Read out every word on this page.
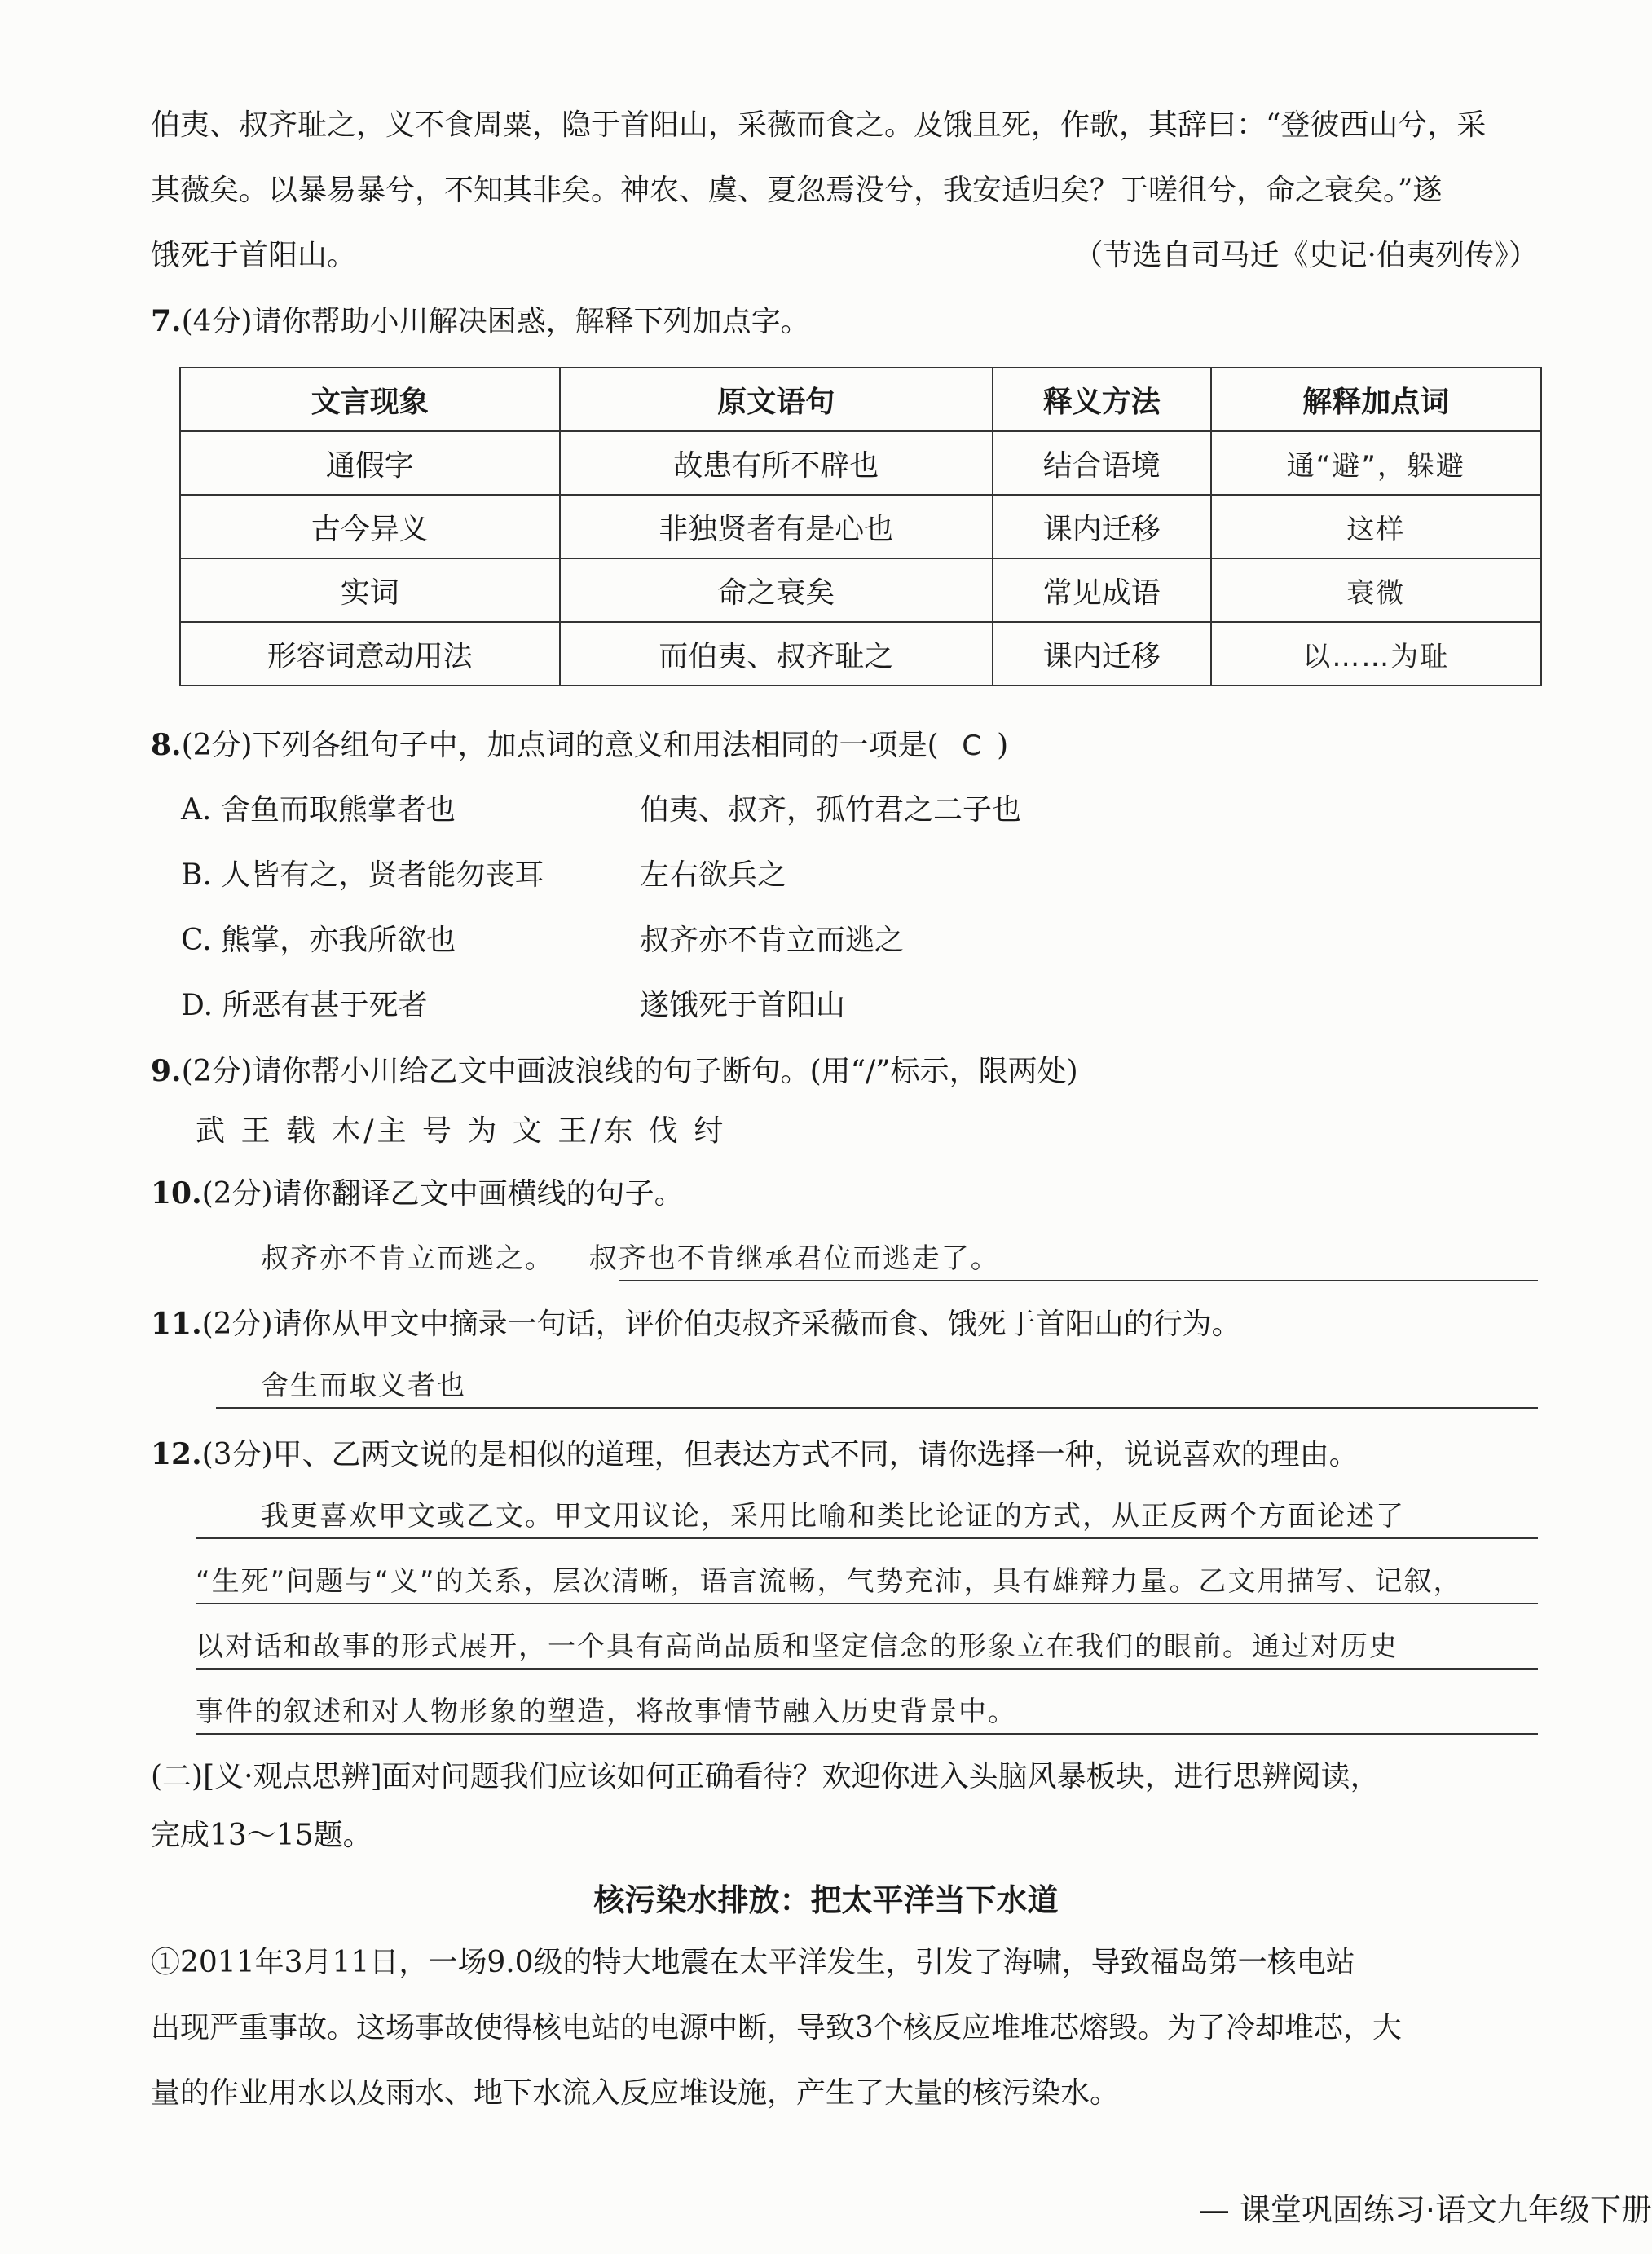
伯夷、叔齐耻之，义不食周粟，隐于首阳山，采薇而食之。及饿且死，作歌，其辞曰：“登彼西山兮，采
其薇矣。以暴易暴兮，不知其非矣。神农、虞、夏忽焉没兮，我安适归矣？于嗟徂兮，命之衰矣。”遂
饿死于首阳山。	（节选自司马迁《史记·伯夷列传》）
7.(4分)请你帮助小川解决困惑，解释下列加点字。
文言现象	原文语句	释义方法	解释加点词
通假字	故患有所不辟也	结合语境	通“避”，躲避
古今异义	非独贤者有是心也	课内迁移	这样
实词	命之衰矣	常见成语	衰微
形容词意动用法	而伯夷、叔齐耻之	课内迁移	以……为耻
8.(2分)下列各组句子中，加点词的意义和用法相同的一项是( C )
A. 舍鱼而取熊掌者也	伯夷、叔齐，孤竹君之二子也
B. 人皆有之，贤者能勿丧耳	左右欲兵之
C. 熊掌，亦我所欲也	叔齐亦不肯立而逃之
D. 所恶有甚于死者	遂饿死于首阳山
9.(2分)请你帮小川给乙文中画波浪线的句子断句。(用“/”标示，限两处)
武 王 载 木/主 号 为 文 王/东 伐 纣
10.(2分)请你翻译乙文中画横线的句子。
叔齐亦不肯立而逃之。 叔齐也不肯继承君位而逃走了。
11.(2分)请你从甲文中摘录一句话，评价伯夷叔齐采薇而食、饿死于首阳山的行为。
舍生而取义者也
12.(3分)甲、乙两文说的是相似的道理，但表达方式不同，请你选择一种，说说喜欢的理由。
我更喜欢甲文或乙文。甲文用议论，采用比喻和类比论证的方式，从正反两个方面论述了
“生死”问题与“义”的关系，层次清晰，语言流畅，气势充沛，具有雄辩力量。乙文用描写、记叙，
以对话和故事的形式展开，一个具有高尚品质和坚定信念的形象立在我们的眼前。通过对历史
事件的叙述和对人物形象的塑造，将故事情节融入历史背景中。
(二)[义·观点思辨]面对问题我们应该如何正确看待？欢迎你进入头脑风暴板块，进行思辨阅读，
完成13～15题。
核污染水排放：把太平洋当下水道
①2011年3月11日，一场9.0级的特大地震在太平洋发生，引发了海啸，导致福岛第一核电站
出现严重事故。这场事故使得核电站的电源中断，导致3个核反应堆堆芯熔毁。为了冷却堆芯，大
量的作业用水以及雨水、地下水流入反应堆设施，产生了大量的核污染水。
— 课堂巩固练习·语文九年级下册
